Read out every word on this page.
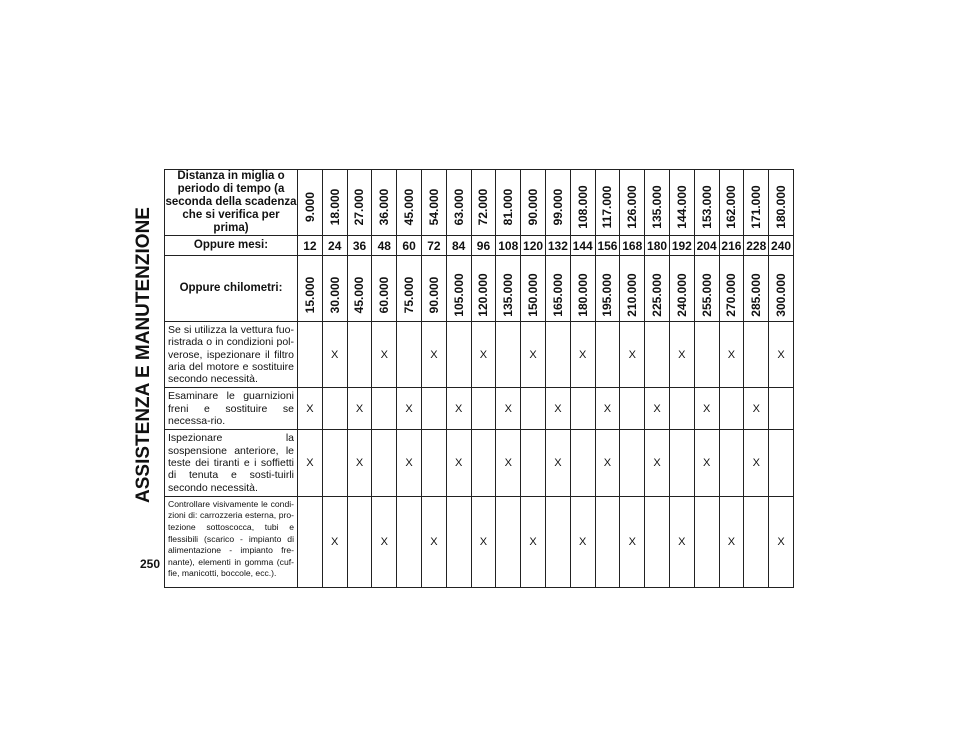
ASSISTENZA E MANUTENZIONE
250
Distanza in miglia o periodo di tempo (a seconda della scadenza che si verifica per prima)	9.000	18.000	27.000	36.000	45.000	54.000	63.000	72.000	81.000	90.000	99.000	108.000	117.000	126.000	135.000	144.000	153.000	162.000	171.000	180.000

Oppure mesi:	12	24	36	48	60	72	84	96	108	120	132	144	156	168	180	192	204	216	228	240
Oppure chilometri:	15.000	30.000	45.000	60.000	75.000	90.000	105.000	120.000	135.000	150.000	165.000	180.000	195.000	210.000	225.000	240.000	255.000	270.000	285.000	300.000

Se si utilizza la vettura fuo-ristrada o in condizioni pol-verose, ispezionare il filtro aria del motore e sostituire secondo necessità.		X		X		X		X		X		X		X		X		X		X
Esaminare le guarnizioni freni e sostituire se necessa-rio.	X		X		X		X		X		X		X		X		X		X	
Ispezionare la sospensione anteriore, le teste dei tiranti e i soffietti di tenuta e sosti-tuirli secondo necessità.	X		X		X		X		X		X		X		X		X		X	
Controllare visivamente le condi-zioni di: carrozzeria esterna, pro-tezione sottoscocca, tubi e flessibili (scarico - impianto di alimentazione - impianto fre-nante), elementi in gomma (cuf-fie, manicotti, boccole, ecc.).		X		X		X		X		X		X		X		X		X		X
